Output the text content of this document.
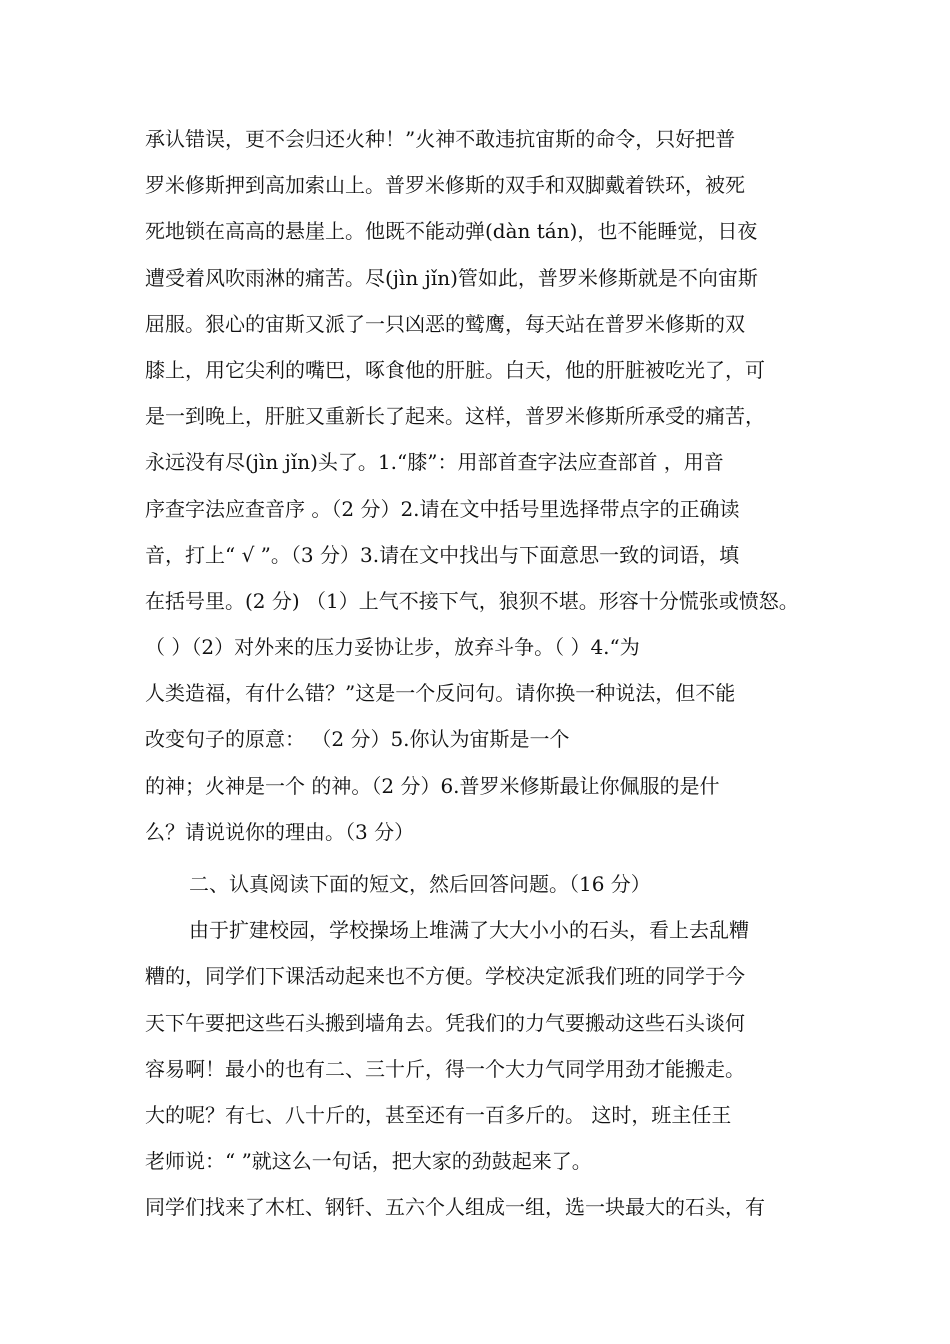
承认错误，更不会归还火种！”火神不敢违抗宙斯的命令，只好把普
罗米修斯押到高加索山上。普罗米修斯的双手和双脚戴着铁环，被死
死地锁在高高的悬崖上。他既不能动弹(dàn tán)，也不能睡觉，日夜
遭受着风吹雨淋的痛苦。尽(jìn jǐn)管如此，普罗米修斯就是不向宙斯
屈服。狠心的宙斯又派了一只凶恶的鹫鹰，每天站在普罗米修斯的双
膝上，用它尖利的嘴巴，啄食他的肝脏。白天，他的肝脏被吃光了，可
是一到晚上，肝脏又重新长了起来。这样，普罗米修斯所承受的痛苦，
永远没有尽(jìn jǐn)头了。1.“膝”：用部首查字法应查部首 ，用音
序查字法应查音序 。（2 分）2.请在文中括号里选择带点字的正确读
音，打上“ √ ”。（3 分）3.请在文中找出与下面意思一致的词语，填
在括号里。(2 分) （1）上气不接下气，狼狈不堪。形容十分慌张或愤怒。
（ ）（2）对外来的压力妥协让步，放弃斗争。（ ）4.“为
人类造福，有什么错？”这是一个反问句。请你换一种说法，但不能
改变句子的原意： （2 分）5.你认为宙斯是一个
的神；火神是一个 的神。（2 分）6.普罗米修斯最让你佩服的是什
么？请说说你的理由。（3 分）
二、认真阅读下面的短文，然后回答问题。（16 分）
由于扩建校园，学校操场上堆满了大大小小的石头，看上去乱糟
糟的，同学们下课活动起来也不方便。学校决定派我们班的同学于今
天下午要把这些石头搬到墙角去。凭我们的力气要搬动这些石头谈何
容易啊！最小的也有二、三十斤，得一个大力气同学用劲才能搬走。
大的呢？有七、八十斤的，甚至还有一百多斤的。 这时，班主任王
老师说：“ ”就这么一句话，把大家的劲鼓起来了。
同学们找来了木杠、钢钎、五六个人组成一组，选一块最大的石头，有
